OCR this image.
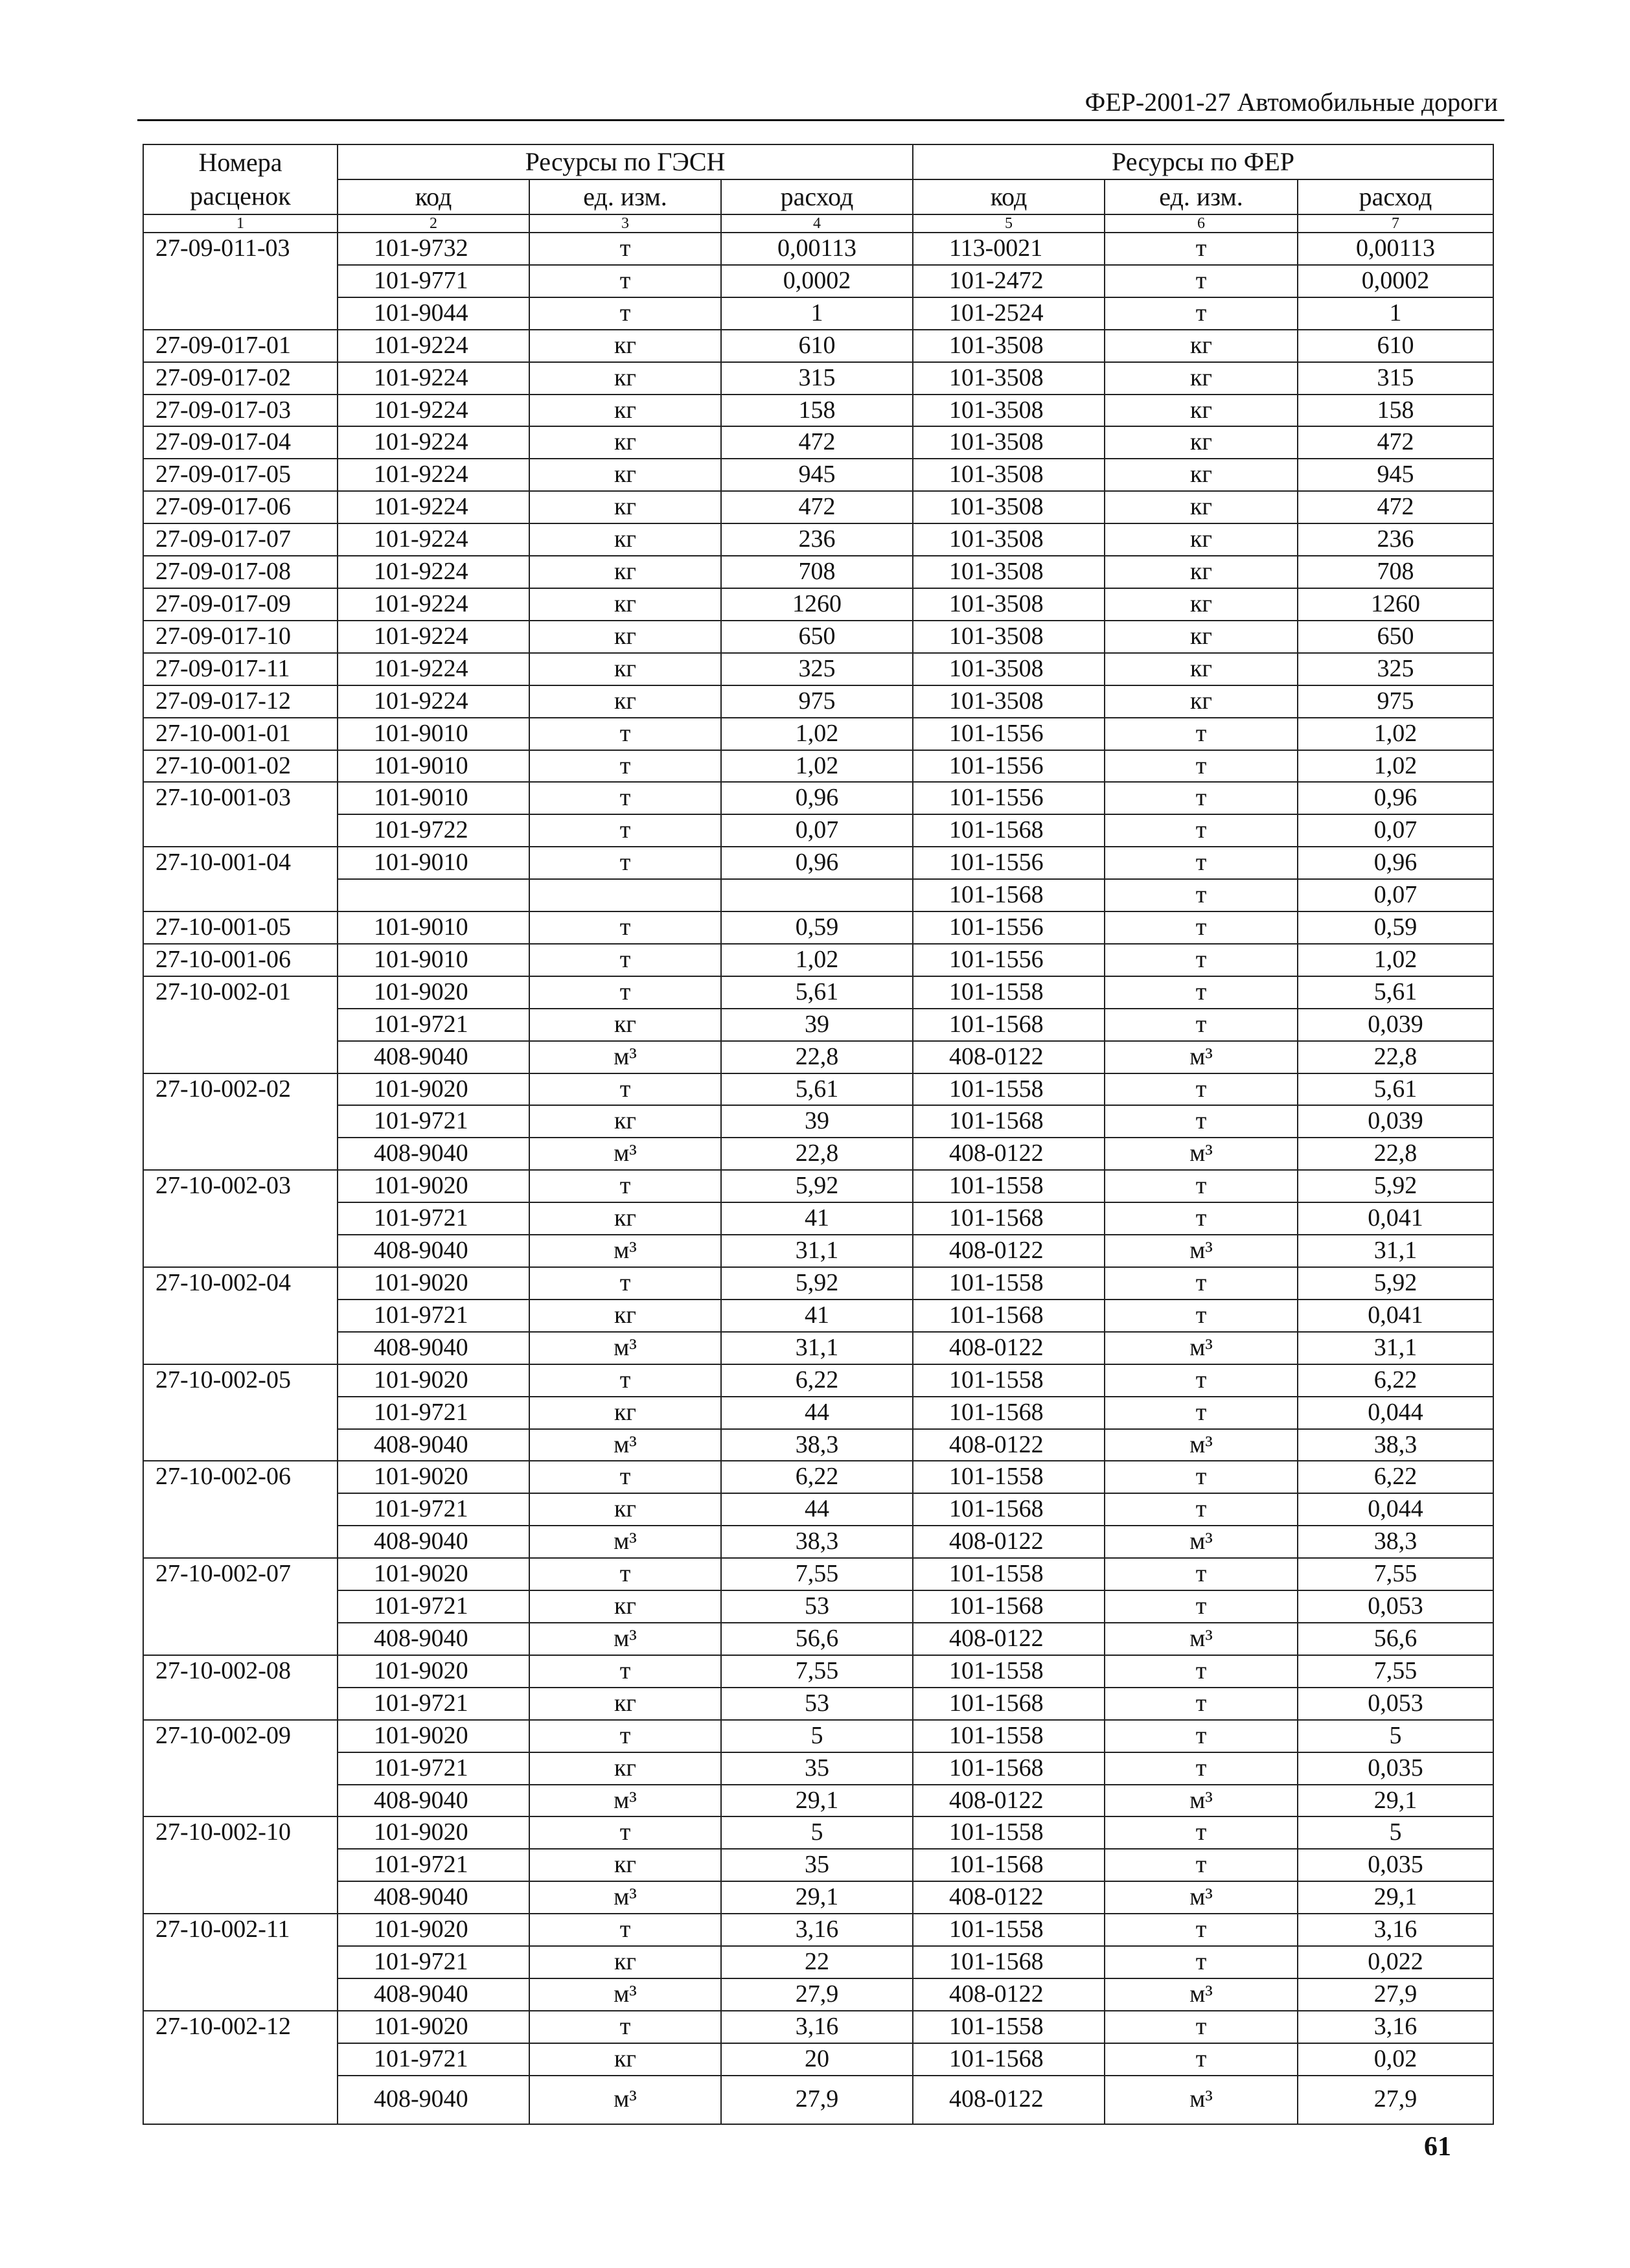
ФЕР-2001-27 Автомобильные дороги
Номера расценок	Ресурсы по ГЭСН			Ресурсы по ФЕР		
	код	ед. изм.	расход	код	ед. изм.	расход
1	2	3	4	5	6	7
27-09-011-03	101-9732	т	0,00113	113-0021	т	0,00113
	101-9771	т	0,0002	101-2472	т	0,0002
	101-9044	т	1	101-2524	т	1
27-09-017-01	101-9224	кг	610	101-3508	кг	610
27-09-017-02	101-9224	кг	315	101-3508	кг	315
27-09-017-03	101-9224	кг	158	101-3508	кг	158
27-09-017-04	101-9224	кг	472	101-3508	кг	472
27-09-017-05	101-9224	кг	945	101-3508	кг	945
27-09-017-06	101-9224	кг	472	101-3508	кг	472
27-09-017-07	101-9224	кг	236	101-3508	кг	236
27-09-017-08	101-9224	кг	708	101-3508	кг	708
27-09-017-09	101-9224	кг	1260	101-3508	кг	1260
27-09-017-10	101-9224	кг	650	101-3508	кг	650
27-09-017-11	101-9224	кг	325	101-3508	кг	325
27-09-017-12	101-9224	кг	975	101-3508	кг	975
27-10-001-01	101-9010	т	1,02	101-1556	т	1,02
27-10-001-02	101-9010	т	1,02	101-1556	т	1,02
27-10-001-03	101-9010	т	0,96	101-1556	т	0,96
	101-9722	т	0,07	101-1568	т	0,07
27-10-001-04	101-9010	т	0,96	101-1556	т	0,96
				101-1568	т	0,07
27-10-001-05	101-9010	т	0,59	101-1556	т	0,59
27-10-001-06	101-9010	т	1,02	101-1556	т	1,02
27-10-002-01	101-9020	т	5,61	101-1558	т	5,61
	101-9721	кг	39	101-1568	т	0,039
	408-9040	м³	22,8	408-0122	м³	22,8
27-10-002-02	101-9020	т	5,61	101-1558	т	5,61
	101-9721	кг	39	101-1568	т	0,039
	408-9040	м³	22,8	408-0122	м³	22,8
27-10-002-03	101-9020	т	5,92	101-1558	т	5,92
	101-9721	кг	41	101-1568	т	0,041
	408-9040	м³	31,1	408-0122	м³	31,1
27-10-002-04	101-9020	т	5,92	101-1558	т	5,92
	101-9721	кг	41	101-1568	т	0,041
	408-9040	м³	31,1	408-0122	м³	31,1
27-10-002-05	101-9020	т	6,22	101-1558	т	6,22
	101-9721	кг	44	101-1568	т	0,044
	408-9040	м³	38,3	408-0122	м³	38,3
27-10-002-06	101-9020	т	6,22	101-1558	т	6,22
	101-9721	кг	44	101-1568	т	0,044
	408-9040	м³	38,3	408-0122	м³	38,3
27-10-002-07	101-9020	т	7,55	101-1558	т	7,55
	101-9721	кг	53	101-1568	т	0,053
	408-9040	м³	56,6	408-0122	м³	56,6
27-10-002-08	101-9020	т	7,55	101-1558	т	7,55
	101-9721	кг	53	101-1568	т	0,053
27-10-002-09	101-9020	т	5	101-1558	т	5
	101-9721	кг	35	101-1568	т	0,035
	408-9040	м³	29,1	408-0122	м³	29,1
27-10-002-10	101-9020	т	5	101-1558	т	5
	101-9721	кг	35	101-1568	т	0,035
	408-9040	м³	29,1	408-0122	м³	29,1
27-10-002-11	101-9020	т	3,16	101-1558	т	3,16
	101-9721	кг	22	101-1568	т	0,022
	408-9040	м³	27,9	408-0122	м³	27,9
27-10-002-12	101-9020	т	3,16	101-1558	т	3,16
	101-9721	кг	20	101-1568	т	0,02
	408-9040	м³	27,9	408-0122	м³	27,9
61
